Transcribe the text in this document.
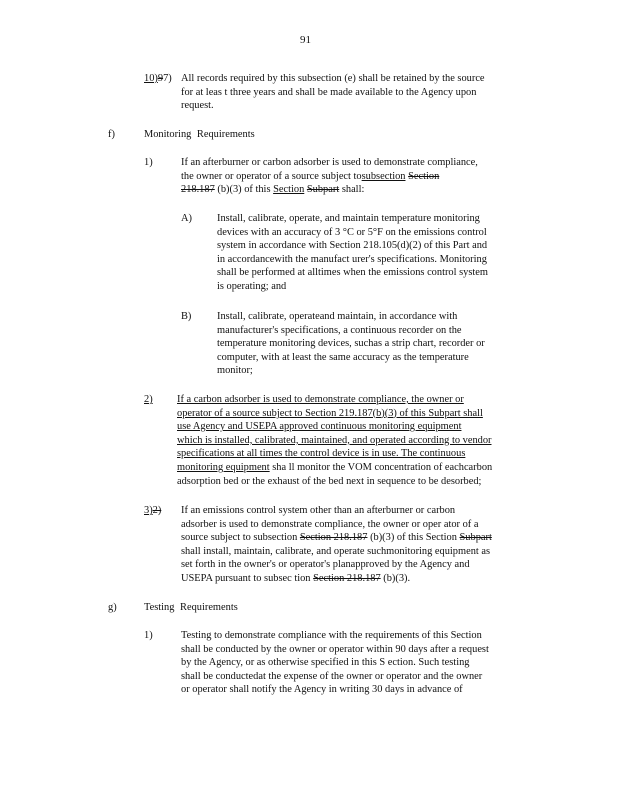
91
10)97) All records required by this subsection (e) shall be retained by the source
for at leas t three years and shall be made available to the Agency upon
request.
f)	Monitoring Requirements
1)	If an afterburner or carbon adsorber is used to demonstrate compliance,
the owner or operator of a source subject tosubsection Section
218.187 (b)(3) of this Section Subpart shall:
A) Install, calibrate, operate, and maintain temperature monitoring
devices with an accuracy of 3 °C or 5°F on the emissions control
system in accordance with Section 218.105(d)(2) of this Part and
in accordancewith the manufact urer's specifications. Monitoring
shall be performed at alltimes when the emissions control system
is operating; and
B) Install, calibrate, operateand maintain, in accordance with
manufacturer's specifications, a continuous recorder on the
temperature monitoring devices, suchas a strip chart, recorder or
computer, with at least the same accuracy as the temperature
monitor;
2) If a carbon adsorber is used to demonstrate compliance, the owner or
operator of a source subject to Section 219.187(b)(3) of this Subpart shall
use Agency and USEPA approved continuous monitoring equipment
which is installed, calibrated, maintained, and operated according to vendor
specifications at all times the control device is in use. The continuous
monitoring equipment sha ll monitor the VOM concentration of eachcarbon
adsorption bed or the exhaust of the bed next in sequence to be desorbed;
3)2) If an emissions control system other than an afterburner or carbon
adsorber is used to demonstrate compliance, the owner or oper ator of a
source subject to subsection Section 218.187 (b)(3) of this Section Subpart
shall install, maintain, calibrate, and operate suchmonitoring equipment as
set forth in the owner's or operator's planapproved by the Agency and
USEPA pursuant to subsec tion Section 218.187 (b)(3).
g)	Testing Requirements
1)	Testing to demonstrate compliance with the requirements of this Section
shall be conducted by the owner or operator within 90 days after a request
by the Agency, or as otherwise specified in this S ection. Such testing
shall be conductedat the expense of the owner or operator and the owner
or operator shall notify the Agency in writing 30 days in advance of
